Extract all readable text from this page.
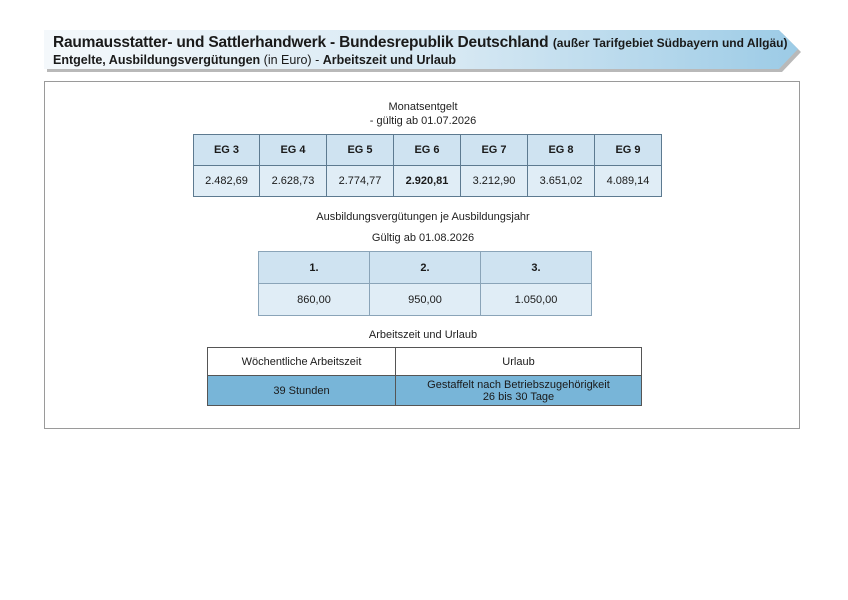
Raumausstatter- und Sattlerhandwerk - Bundesrepublik Deutschland (außer Tarifgebiet Südbayern und Allgäu)
Entgelte, Ausbildungsvergütungen (in Euro) - Arbeitszeit und Urlaub
Monatsentgelt
- gültig ab 01.07.2026
EG 3	EG 4	EG 5	EG 6	EG 7	EG 8	EG 9
2.482,69	2.628,73	2.774,77	2.920,81	3.212,90	3.651,02	4.089,14
Ausbildungsvergütungen je Ausbildungsjahr
Gültig ab 01.08.2026
1.	2.	3.
860,00	950,00	1.050,00
Arbeitszeit und Urlaub
Wöchentliche Arbeitszeit	Urlaub
39 Stunden	Gestaffelt nach Betriebszugehörigkeit
26 bis 30 Tage
